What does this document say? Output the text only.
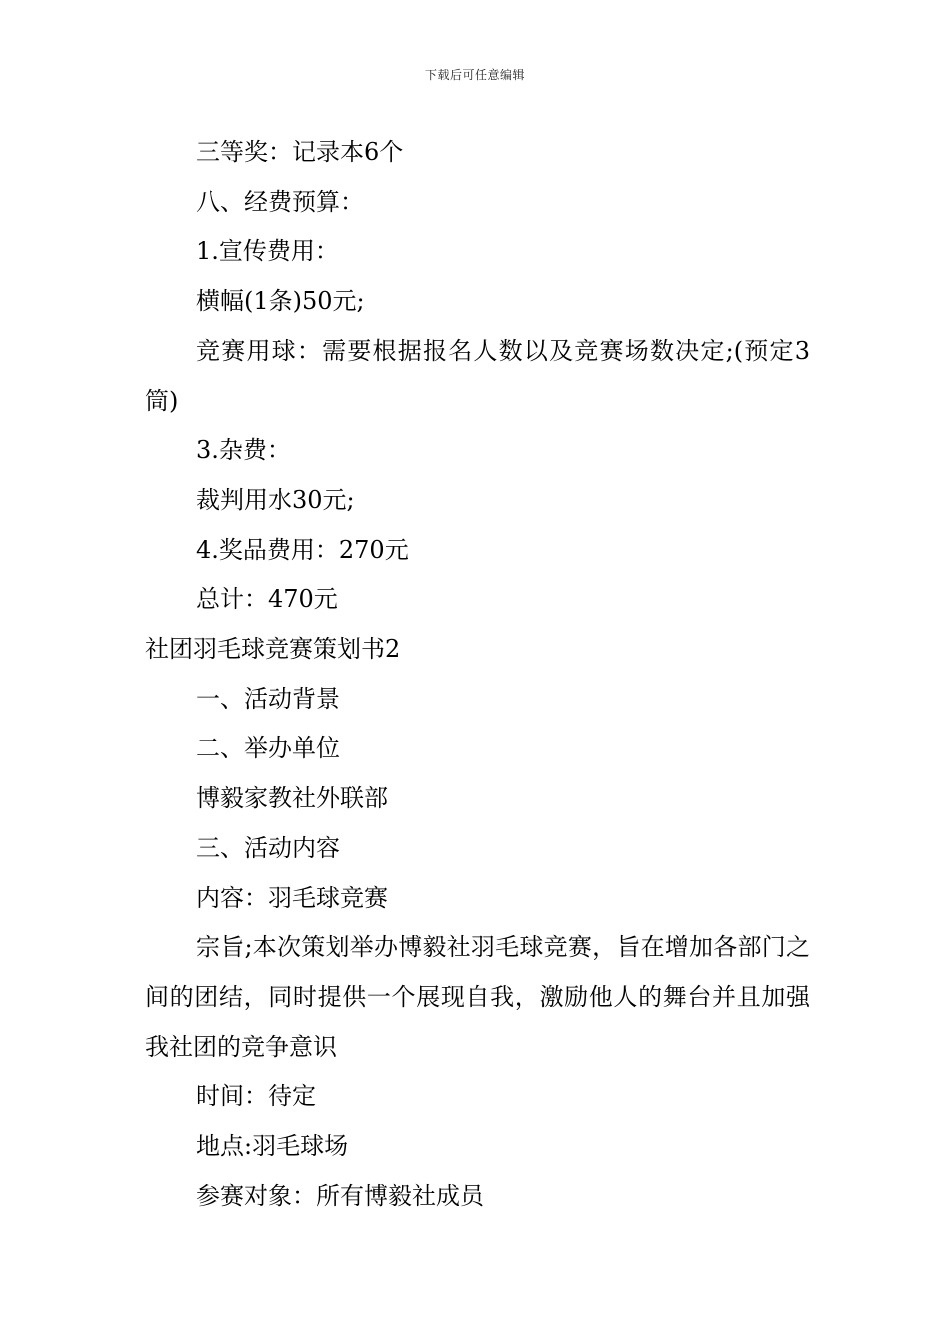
下载后可任意编辑

三等奖：记录本6个

八、经费预算：

1.宣传费用：

横幅(1条)50元;

竞赛用球：需要根据报名人数以及竞赛场数决定;(预定3筒)

3.杂费：

裁判用水30元;

4.奖品费用：270元

总计：470元

社团羽毛球竞赛策划书2

一、活动背景

二、举办单位

博毅家教社外联部

三、活动内容

内容：羽毛球竞赛

宗旨;本次策划举办博毅社羽毛球竞赛，旨在增加各部门之间的团结，同时提供一个展现自我，激励他人的舞台并且加强我社团的竞争意识

时间：待定

地点:羽毛球场

参赛对象：所有博毅社成员
